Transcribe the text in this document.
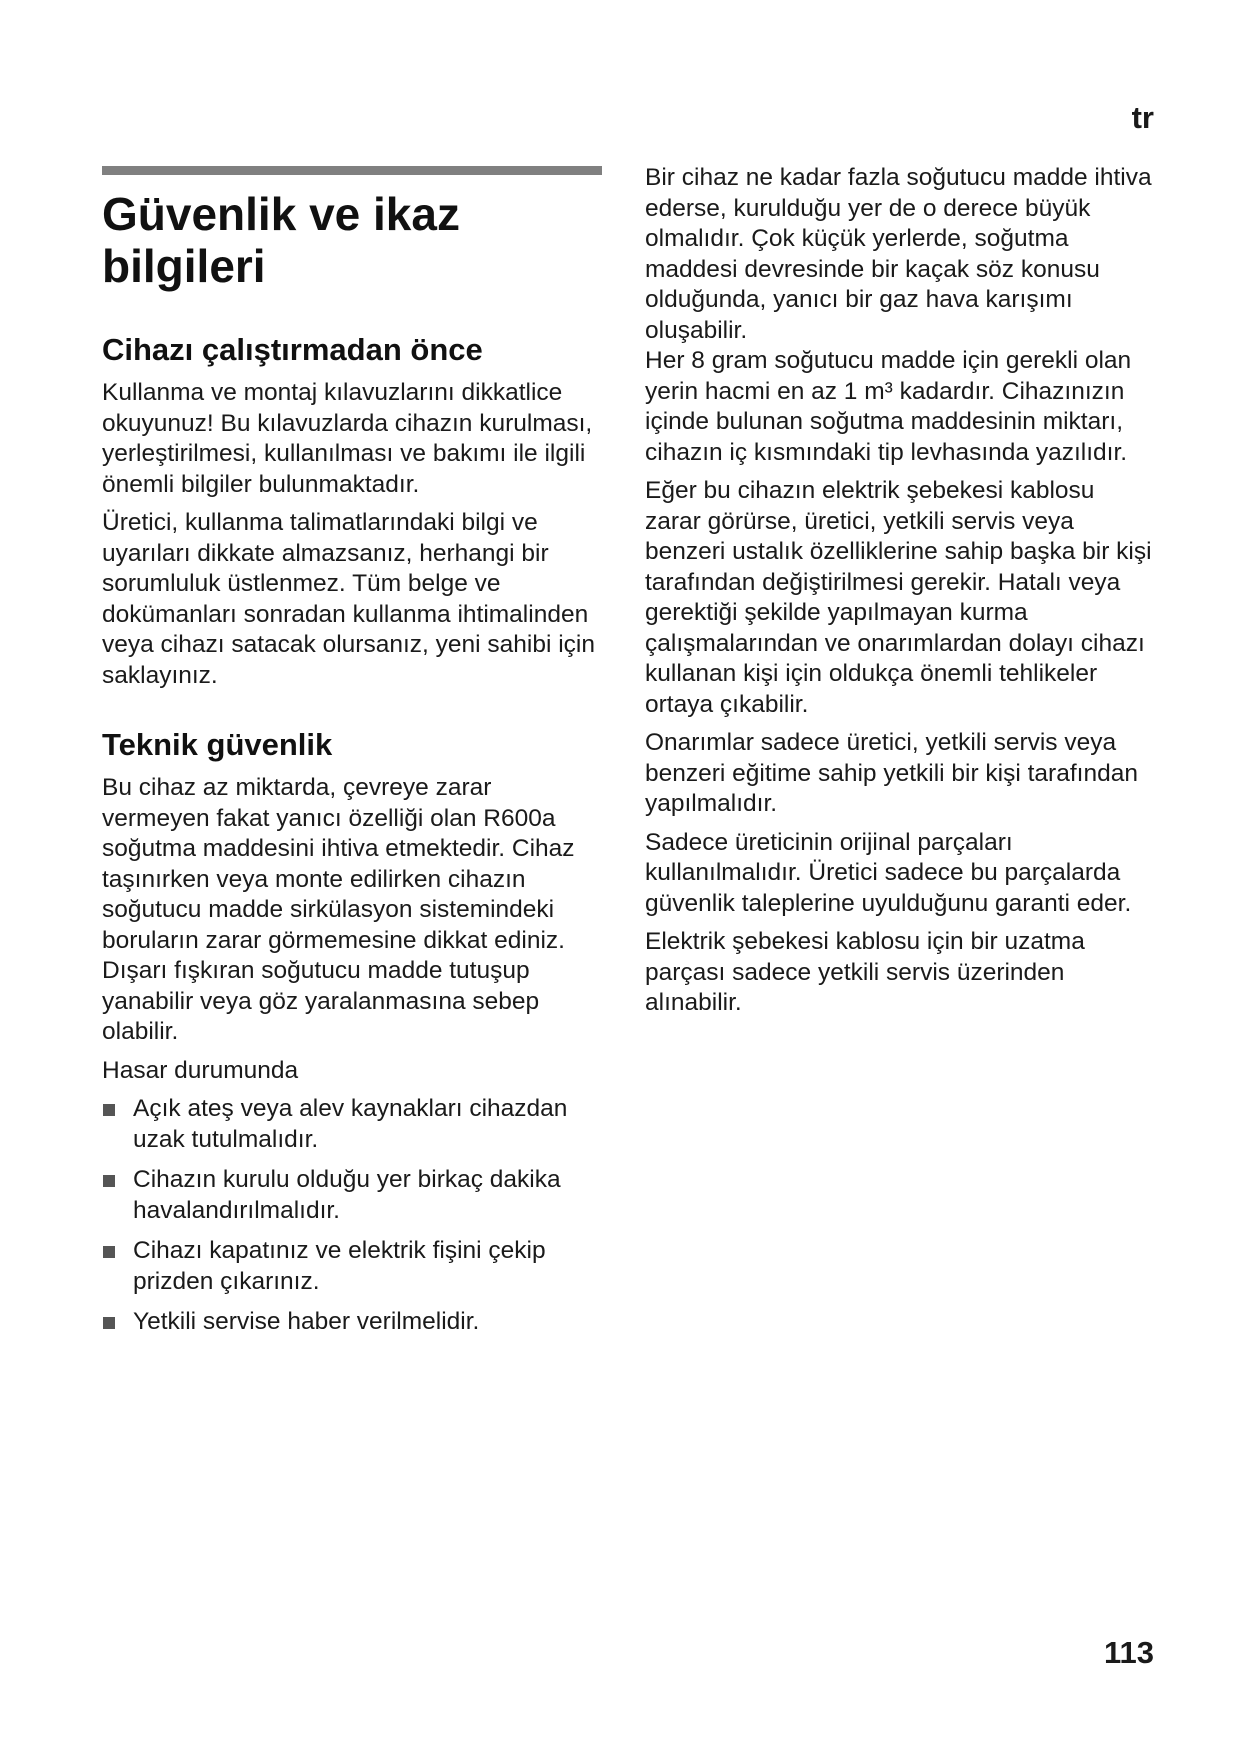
tr
Güvenlik ve ikaz bilgileri
Cihazı çalıştırmadan önce

Kullanma ve montaj kılavuzlarını dikkatlice okuyunuz! Bu kılavuzlarda cihazın kurulması, yerleştirilmesi, kullanılması ve bakımı ile ilgili önemli bilgiler bulunmaktadır.

Üretici, kullanma talimatlarındaki bilgi ve uyarıları dikkate almazsanız, herhangi bir sorumluluk üstlenmez. Tüm belge ve dokümanları sonradan kullanma ihtimalinden veya cihazı satacak olursanız, yeni sahibi için saklayınız.

Teknik güvenlik

Bu cihaz az miktarda, çevreye zarar vermeyen fakat yanıcı özelliği olan R600a soğutma maddesini ihtiva etmektedir. Cihaz taşınırken veya monte edilirken cihazın soğutucu madde sirkülasyon sistemindeki boruların zarar görmemesine dikkat ediniz. Dışarı fışkıran soğutucu madde tutuşup yanabilir veya göz yaralanmasına sebep olabilir.

Hasar durumunda

Açık ateş veya alev kaynakları cihazdan uzak tutulmalıdır.
Cihazın kurulu olduğu yer birkaç dakika havalandırılmalıdır.
Cihazı kapatınız ve elektrik fişini çekip prizden çıkarınız.
Yetkili servise haber verilmelidir.

Bir cihaz ne kadar fazla soğutucu madde ihtiva ederse, kurulduğu yer de o derece büyük olmalıdır. Çok küçük yerlerde, soğutma maddesi devresinde bir kaçak söz konusu olduğunda, yanıcı bir gaz hava karışımı oluşabilir.

Her 8 gram soğutucu madde için gerekli olan yerin hacmi en az 1 m³ kadardır. Cihazınızın içinde bulunan soğutma maddesinin miktarı, cihazın iç kısmındaki tip levhasında yazılıdır.

Eğer bu cihazın elektrik şebekesi kablosu zarar görürse, üretici, yetkili servis veya benzeri ustalık özelliklerine sahip başka bir kişi tarafından değiştirilmesi gerekir. Hatalı veya gerektiği şekilde yapılmayan kurma çalışmalarından ve onarımlardan dolayı cihazı kullanan kişi için oldukça önemli tehlikeler ortaya çıkabilir.

Onarımlar sadece üretici, yetkili servis veya benzeri eğitime sahip yetkili bir kişi tarafından yapılmalıdır.

Sadece üreticinin orijinal parçaları kullanılmalıdır. Üretici sadece bu parçalarda güvenlik taleplerine uyulduğunu garanti eder.

Elektrik şebekesi kablosu için bir uzatma parçası sadece yetkili servis üzerinden alınabilir.

113
